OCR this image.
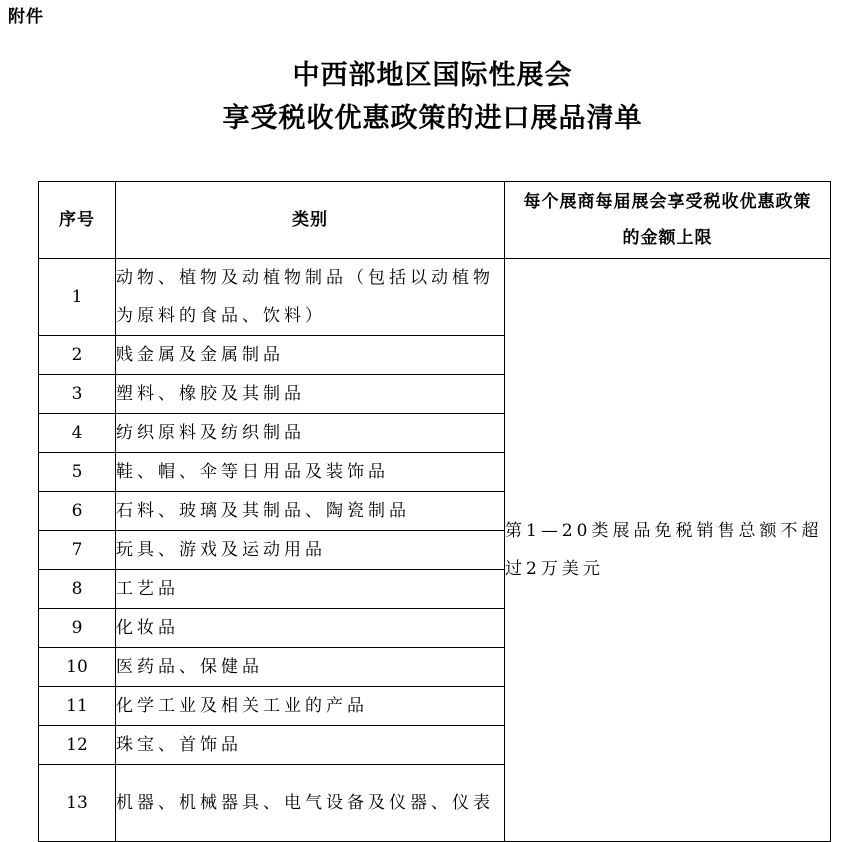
附件
中西部地区国际性展会
享受税收优惠政策的进口展品清单
序号	类别	每个展商每届展会享受税收优惠政策的金额上限
1	动物、植物及动植物制品（包括以动植物为原料的食品、饮料）	第1—20类展品免税销售总额不超过2万美元
2	贱金属及金属制品	
3	塑料、橡胶及其制品	
4	纺织原料及纺织制品	
5	鞋、帽、伞等日用品及装饰品	
6	石料、玻璃及其制品、陶瓷制品	
7	玩具、游戏及运动用品	
8	工艺品	
9	化妆品	
10	医药品、保健品	
11	化学工业及相关工业的产品	
12	珠宝、首饰品	
13	机器、机械器具、电气设备及仪器、仪表	
